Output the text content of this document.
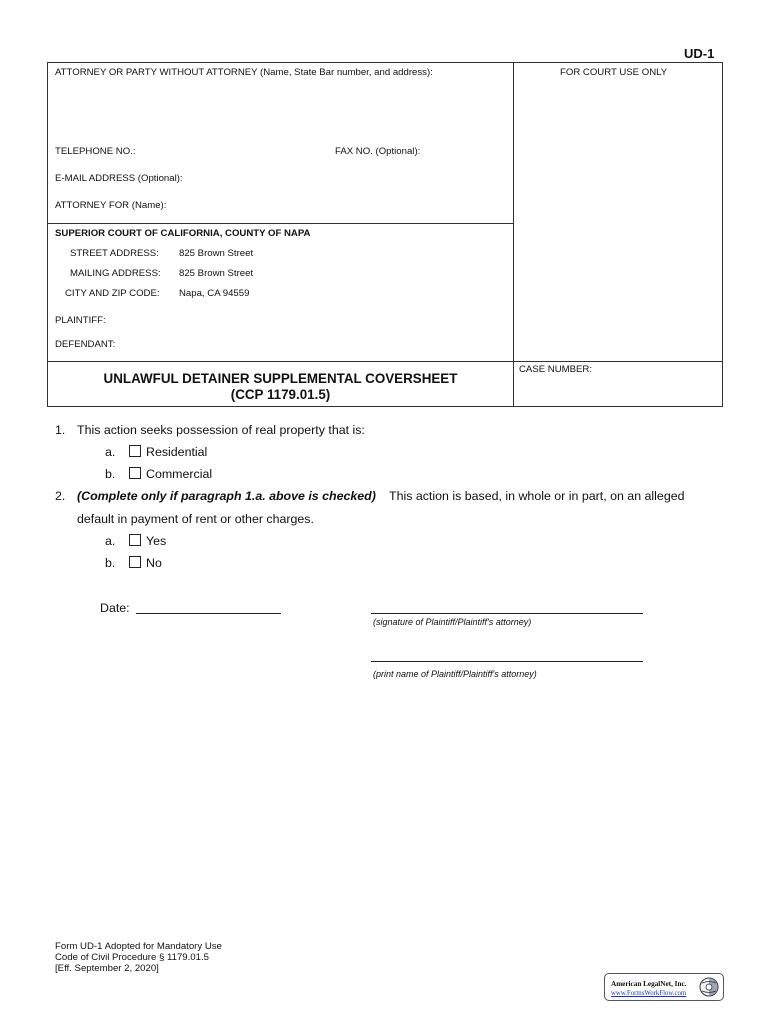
UD-1
ATTORNEY OR PARTY WITHOUT ATTORNEY (Name, State Bar number, and address):	FOR COURT USE ONLY
TELEPHONE NO.:	FAX NO. (Optional):
E-MAIL ADDRESS (Optional):
ATTORNEY FOR (Name):
SUPERIOR COURT OF CALIFORNIA, COUNTY OF NAPA
STREET ADDRESS: 825 Brown Street
MAILING ADDRESS: 825 Brown Street
CITY AND ZIP CODE: Napa, CA 94559
PLAINTIFF:
DEFENDANT:
UNLAWFUL DETAINER SUPPLEMENTAL COVERSHEET
(CCP 1179.01.5)
CASE NUMBER:
1. This action seeks possession of real property that is:
a. Residential
b. Commercial
2. (Complete only if paragraph 1.a. above is checked) This action is based, in whole or in part, on an alleged
default in payment of rent or other charges.
a. Yes
b. No
Date:
(signature of Plaintiff/Plaintiff's attorney)
(print name of Plaintiff/Plaintiff's attorney)
Form UD-1 Adopted for Mandatory Use
Code of Civil Procedure § 1179.01.5
[Eff. September 2, 2020]
American LegalNet, Inc.
www.FormsWorkFlow.com
